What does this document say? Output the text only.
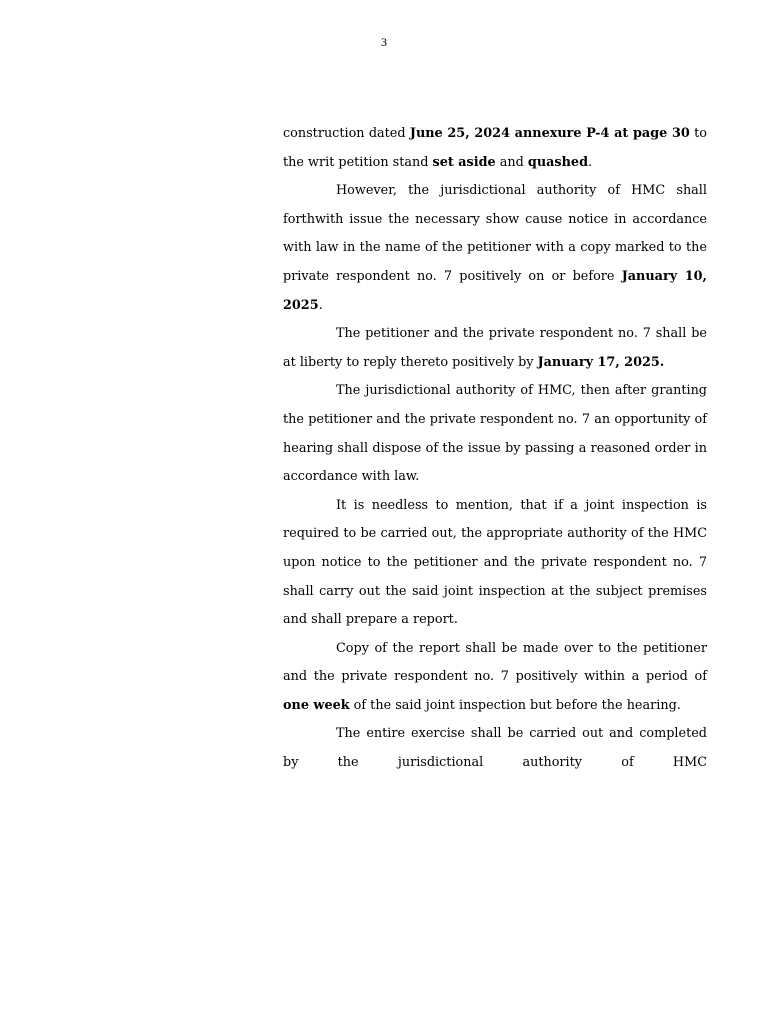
3

construction dated June 25, 2024 annexure P-4 at page 30 to the writ petition stand set aside and quashed.

However, the jurisdictional authority of HMC shall forthwith issue the necessary show cause notice in accordance with law in the name of the petitioner with a copy marked to the private respondent no. 7 positively on or before January 10, 2025.

The petitioner and the private respondent no. 7 shall be at liberty to reply thereto positively by January 17, 2025.

The jurisdictional authority of HMC, then after granting the petitioner and the private respondent no. 7 an opportunity of hearing shall dispose of the issue by passing a reasoned order in accordance with law.

It is needless to mention, that if a joint inspection is required to be carried out, the appropriate authority of the HMC upon notice to the petitioner and the private respondent no. 7 shall carry out the said joint inspection at the subject premises and shall prepare a report.

Copy of the report shall be made over to the petitioner and the private respondent no. 7 positively within a period of one week of the said joint inspection but before the hearing.

The entire exercise shall be carried out and completed by the jurisdictional authority of HMC
